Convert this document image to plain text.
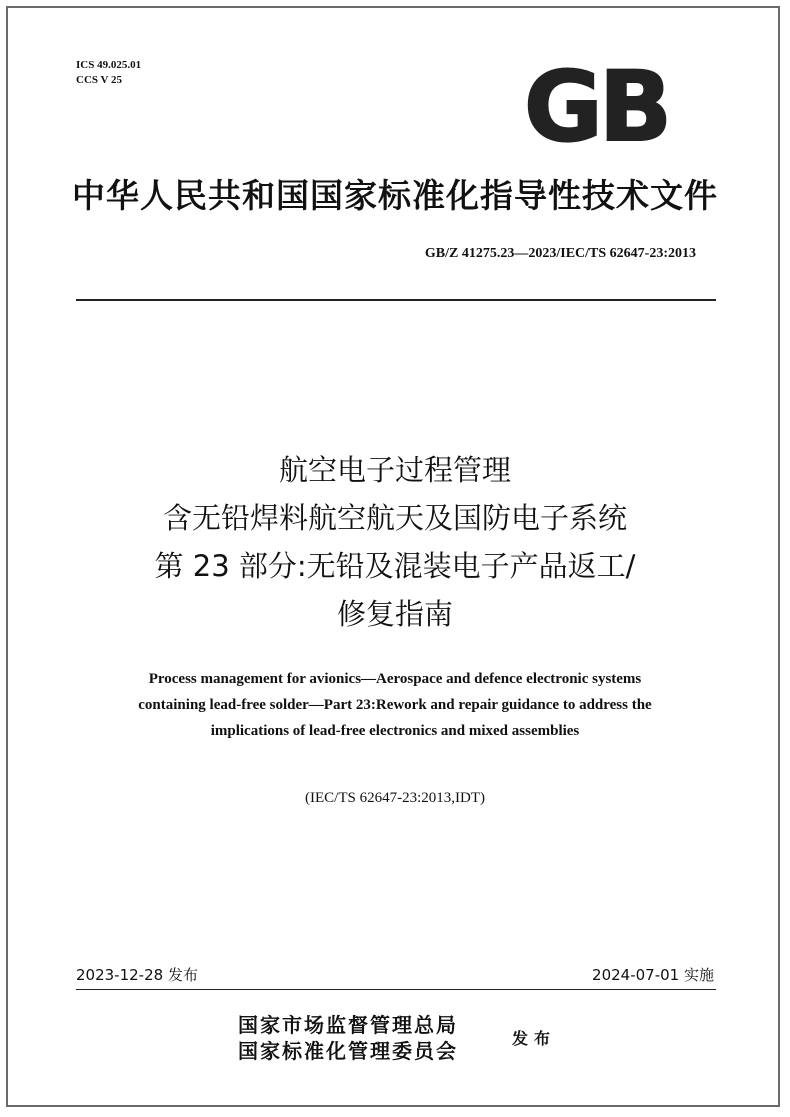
ICS 49.025.01
CCS V 25	GB
中华人民共和国国家标准化指导性技术文件
GB/Z 41275.23—2023/IEC/TS 62647-23:2013
航空电子过程管理
含无铅焊料航空航天及国防电子系统
第 23 部分:无铅及混装电子产品返工/
修复指南
Process management for avionics—Aerospace and defence electronic systems
containing lead-free solder—Part 23:Rework and repair guidance to address the
implications of lead-free electronics and mixed assemblies
(IEC/TS 62647-23:2013,IDT)
2023-12-28 发布	2024-07-01 实施
国家市场监督管理总局
国家标准化管理委员会
发布
